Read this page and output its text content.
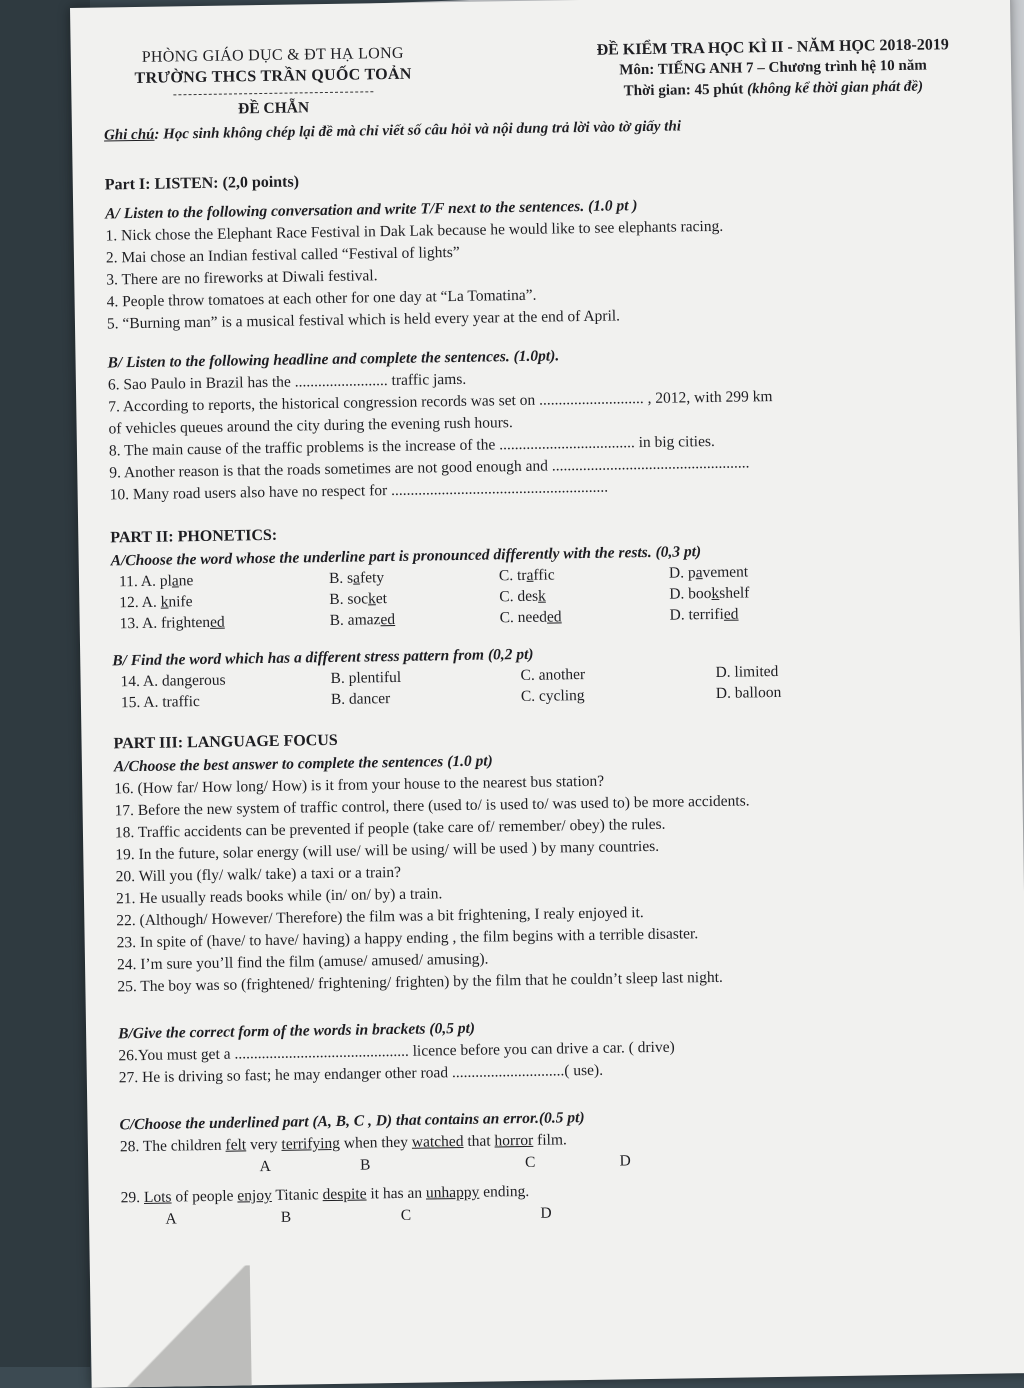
PHÒNG GIÁO DỤC & ĐT HẠ LONG
TRƯỜNG THCS TRẦN QUỐC TOẢN
ĐỀ CHẴN
ĐỀ KIỂM TRA HỌC KÌ II - NĂM HỌC 2018-2019
Môn: TIẾNG ANH 7 – Chương trình hệ 10 năm
Thời gian: 45 phút (không kể thời gian phát đề)
Ghi chú: Học sinh không chép lại đề mà chỉ viết số câu hỏi và nội dung trả lời vào tờ giấy thi
Part I: LISTEN: (2,0 points)
A/ Listen to the following conversation and write T/F next to the sentences. (1.0 pt )
1. Nick chose the Elephant Race Festival in Dak Lak because he would like to see elephants racing.
2. Mai chose an Indian festival called “Festival of lights”
3. There are no fireworks at Diwali festival.
4. People throw tomatoes at each other for one day at “La Tomatina”.
5. “Burning man” is a musical festival which is held every year at the end of April.
B/ Listen to the following headline and complete the sentences. (1.0pt).
6. Sao Paulo in Brazil has the ........................ traffic jams.
7. According to reports, the historical congression records was set on ........................... , 2012, with 299 km
of vehicles queues around the city during the evening rush hours.
8. The main cause of the traffic problems is the increase of the ................................... in big cities.
9. Another reason is that the roads sometimes are not good enough and ...................................................
10. Many road users also have no respect for ........................................................
PART II: PHONETICS:
A/Choose the word whose the underline part is pronounced differently with the rests. (0,3 pt)
11. A. plane	B. safety	C. traffic	D. pavement
12. A. knife	B. socket	C. desk	D. bookshelf
13. A. frightened	B. amazed	C. needed	D. terrified
B/ Find the word which has a different stress pattern from (0,2 pt)
14. A. dangerous	B. plentiful	C. another	D. limited
15. A. traffic	B. dancer	C. cycling	D. balloon
PART III: LANGUAGE FOCUS
A/Choose the best answer to complete the sentences (1.0 pt)
16. (How far/ How long/ How) is it from your house to the nearest bus station?
17. Before the new system of traffic control, there (used to/ is used to/ was used to) be more accidents.
18. Traffic accidents can be prevented if people (take care of/ remember/ obey) the rules.
19. In the future, solar energy (will use/ will be using/ will be used ) by many countries.
20. Will you (fly/ walk/ take) a taxi or a train?
21. He usually reads books while (in/ on/ by) a train.
22. (Although/ However/ Therefore) the film was a bit frightening, I realy enjoyed it.
23. In spite of (have/ to have/ having) a happy ending , the film begins with a terrible disaster.
24. I’m sure you’ll find the film (amuse/ amused/ amusing).
25. The boy was so (frightened/ frightening/ frighten) by the film that he couldn’t sleep last night.
B/Give the correct form of the words in brackets (0,5 pt)
26.You must get a ............................................. licence before you can drive a car. ( drive)
27. He is driving so fast; he may endanger other road .............................( use).
C/Choose the underlined part (A, B, C , D) that contains an error.(0.5 pt)
28. The children felt very terrifying when they watched that horror film.
A	B	C	D
29. Lots of people enjoy Titanic despite it has an unhappy ending.
A	B	C	D
